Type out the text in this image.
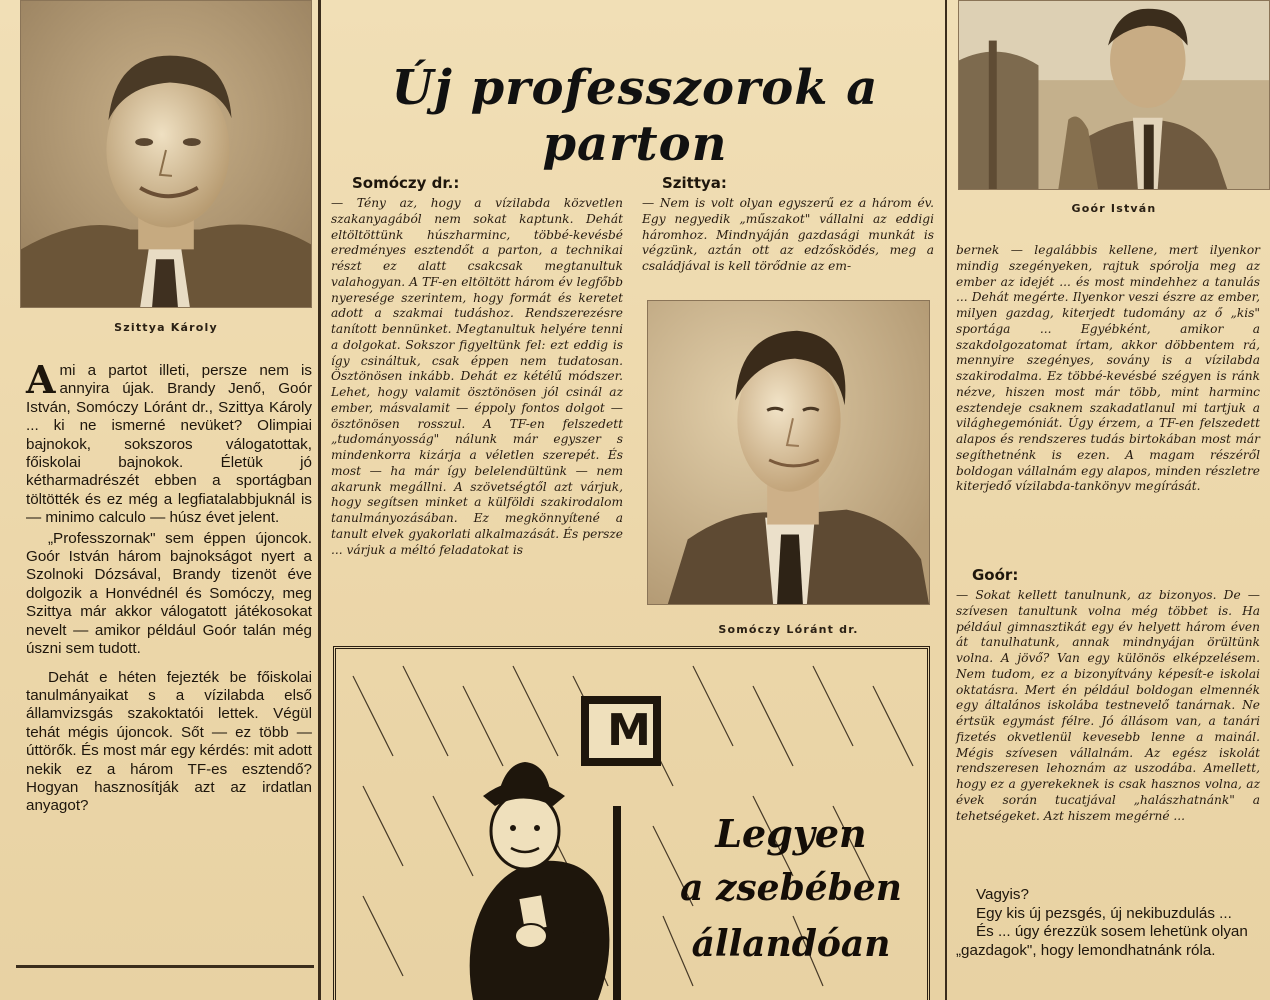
Szittya Károly
Új professzorok a parton
Goór István

Ami a partot illeti, persze nem is annyira újak. Brandy Jenő, Goór István, Somóczy Lóránt dr., Szittya Károly ... ki ne ismerné nevüket? Olimpiai bajnokok, sokszoros válogatottak, főiskolai bajnokok. Életük jó kétharmadrészét ebben a sportágban töltötték és ez még a legfiatalabbjuknál is — minimo calculo — húsz évet jelent.

„Professzornak" sem éppen újoncok. Goór István három bajnokságot nyert a Szolnoki Dózsával, Brandy tizenöt éve dolgozik a Honvédnél és Somóczy, meg Szittya már akkor válogatott játékosokat nevelt — amikor például Goór talán még úszni sem tudott.

Dehát e héten fejezték be főiskolai tanulmányaikat s a vízilabda első államvizsgás szakoktatói lettek. Végül tehát mégis újoncok. Sőt — ez több — úttörők. És most már egy kérdés: mit adott nekik ez a három TF-es esztendő? Hogyan hasznosítják azt az irdatlan anyagot?

Somóczy dr.:
— Tény az, hogy a vízilabda közvetlen szakanyagából nem sokat kaptunk. Dehát eltöltöttünk húszharminc, többé-kevésbé eredményes esztendőt a parton, a technikai részt ez alatt csakcsak megtanultuk valahogyan. A TF-en eltöltött három év legfőbb nyeresége szerintem, hogy formát és keretet adott a szakmai tudáshoz. Rendszerezésre tanított bennünket. Megtanultuk helyére tenni a dolgokat. Sokszor figyeltünk fel: ezt eddig is így csináltuk, csak éppen nem tudatosan. Ösztönösen inkább. Dehát ez kétélű módszer. Lehet, hogy valamit ösztönösen jól csinál az ember, másvalamit — éppoly fontos dolgot — ösztönösen rosszul. A TF-en felszedett „tudományosság" nálunk már egyszer s mindenkorra kizárja a véletlen szerepét. És most — ha már így belelendültünk — nem akarunk megállni. A szövetségtől azt várjuk, hogy segítsen minket a külföldi szakirodalom tanulmányozásában. Ez megkönnyítené a tanult elvek gyakorlati alkalmazását. És persze ... várjuk a méltó feladatokat is
Szittya:
— Nem is volt olyan egyszerű ez a három év. Egy negyedik „műszakot" vállalni az eddigi háromhoz. Mindnyáján gazdasági munkát is végzünk, aztán ott az edzősködés, meg a családjával is kell törődnie az em-
Somóczy Lóránt dr.
bernek — legalábbis kellene, mert ilyenkor mindig szegényeken, rajtuk spórolja meg az ember az idejét ... és most mindehhez a tanulás ... Dehát megérte. Ilyenkor veszi észre az ember, milyen gazdag, kiterjedt tudomány az ő „kis" sportága ... Egyébként, amikor a szakdolgozatomat írtam, akkor döbbentem rá, mennyire szegényes, sovány is a vízilabda szakirodalma. Ez többé-kevésbé szégyen is ránk nézve, hiszen most már több, mint harminc esztendeje csaknem szakadatlanul mi tartjuk a világhegemóniát. Úgy érzem, a TF-en felszedett alapos és rendszeres tudás birtokában most már segíthetnénk is ezen. A magam részéről boldogan vállalnám egy alapos, minden részletre kiterjedő vízilabda-tankönyv megírását.
Goór:
— Sokat kellett tanulnunk, az bizonyos. De — szívesen tanultunk volna még többet is. Ha például gimnasztikát egy év helyett három éven át tanulhatunk, annak mindnyájan örültünk volna. A jövő? Van egy különös elképzelésem. Nem tudom, ez a bizonyítvány képesít-e iskolai oktatásra. Mert én például boldogan elmennék egy általános iskolába testnevelő tanárnak. Ne értsük egymást félre. Jó állásom van, a tanári fizetés okvetlenül kevesebb lenne a mainál. Mégis szívesen vállalnám. Az egész iskolát rendszeresen lehoznám az uszodába. Amellett, hogy ez a gyerekeknek is csak hasznos volna, az évek során tucatjával „halászhatnánk" a tehetségeket. Azt hiszem megérné ...

Vagyis?

Egy kis új pezsgés, új nekibuzdulás ...

És ... úgy érezzük sosem lehetünk olyan „gazdagok", hogy lemondhatnánk róla.

M
Legyen
a zsebében
állandóan
